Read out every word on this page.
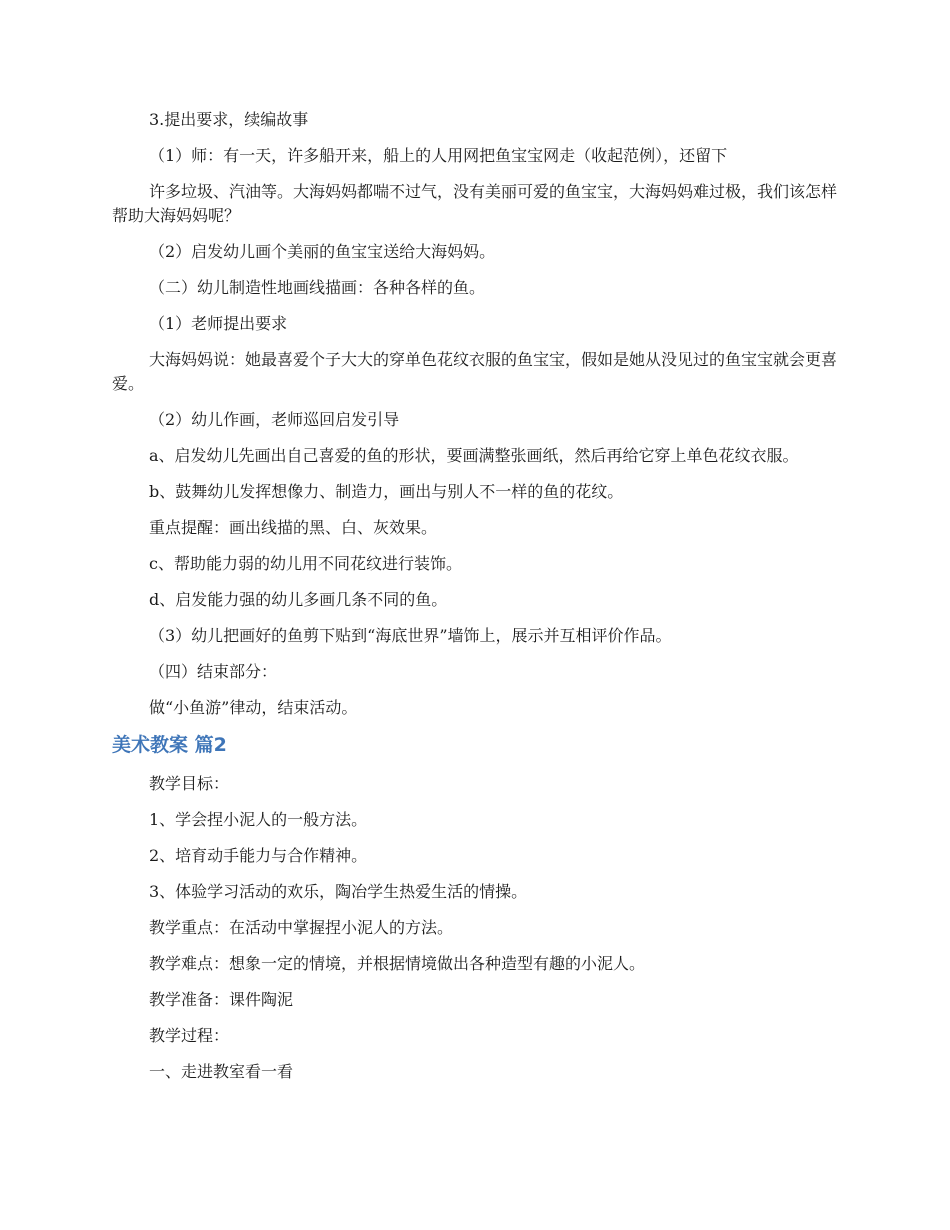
3.提出要求，续编故事

（1）师：有一天，许多船开来，船上的人用网把鱼宝宝网走（收起范例），还留下

许多垃圾、汽油等。大海妈妈都喘不过气，没有美丽可爱的鱼宝宝，大海妈妈难过极，我们该怎样帮助大海妈妈呢？

（2）启发幼儿画个美丽的鱼宝宝送给大海妈妈。

（二）幼儿制造性地画线描画：各种各样的鱼。

（1）老师提出要求

大海妈妈说：她最喜爱个子大大的穿单色花纹衣服的鱼宝宝，假如是她从没见过的鱼宝宝就会更喜爱。

（2）幼儿作画，老师巡回启发引导

a、启发幼儿先画出自己喜爱的鱼的形状，要画满整张画纸，然后再给它穿上单色花纹衣服。

b、鼓舞幼儿发挥想像力、制造力，画出与别人不一样的鱼的花纹。

重点提醒：画出线描的黑、白、灰效果。

c、帮助能力弱的幼儿用不同花纹进行装饰。

d、启发能力强的幼儿多画几条不同的鱼。

（3）幼儿把画好的鱼剪下贴到“海底世界”墙饰上，展示并互相评价作品。

（四）结束部分：

做“小鱼游”律动，结束活动。

美术教案 篇2

教学目标：

1、学会捏小泥人的一般方法。

2、培育动手能力与合作精神。

3、体验学习活动的欢乐，陶冶学生热爱生活的情操。

教学重点：在活动中掌握捏小泥人的方法。

教学难点：想象一定的情境，并根据情境做出各种造型有趣的小泥人。

教学准备：课件陶泥

教学过程：

一、走进教室看一看
